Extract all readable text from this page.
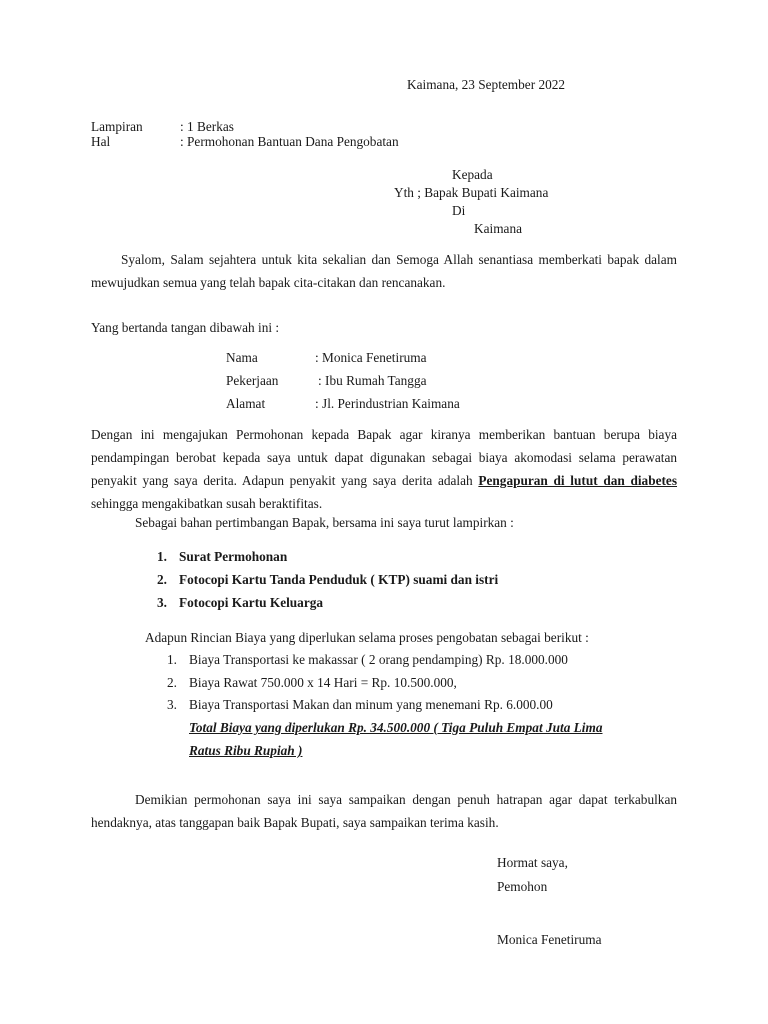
Kaimana, 23 September 2022
Lampiran	: 1 Berkas
Hal	: Permohonan Bantuan Dana Pengobatan
Kepada
Yth ; Bapak Bupati Kaimana
Di
Kaimana
Syalom, Salam sejahtera untuk kita sekalian dan Semoga Allah senantiasa memberkati bapak dalam mewujudkan semua yang telah bapak cita-citakan dan rencanakan.
Yang bertanda tangan dibawah ini :
Nama	: Monica Fenetiruma
Pekerjaan	: Ibu Rumah Tangga
Alamat	: Jl. Perindustrian Kaimana
Dengan ini mengajukan Permohonan kepada Bapak agar kiranya memberikan bantuan berupa biaya pendampingan berobat kepada saya untuk dapat digunakan sebagai biaya akomodasi selama perawatan penyakit yang saya derita. Adapun penyakit yang saya derita adalah Pengapuran di lutut dan diabetes sehingga mengakibatkan susah beraktifitas.
Sebagai bahan pertimbangan Bapak, bersama ini saya turut lampirkan :
1. Surat Permohonan
2. Fotocopi Kartu Tanda Penduduk ( KTP) suami dan istri
3. Fotocopi Kartu Keluarga
Adapun Rincian Biaya yang diperlukan selama proses pengobatan sebagai berikut :
1. Biaya Transportasi ke makassar ( 2 orang pendamping) Rp. 18.000.000
2. Biaya Rawat 750.000 x 14 Hari = Rp. 10.500.000,
3. Biaya Transportasi Makan dan minum yang menemani Rp. 6.000.00
Total Biaya yang diperlukan Rp. 34.500.000 ( Tiga Puluh Empat Juta Lima
Ratus Ribu Rupiah )
Demikian permohonan saya ini saya sampaikan dengan penuh hatrapan agar dapat terkabulkan hendaknya, atas tanggapan baik Bapak Bupati, saya sampaikan terima kasih.
Hormat saya,
Pemohon
Monica Fenetiruma
